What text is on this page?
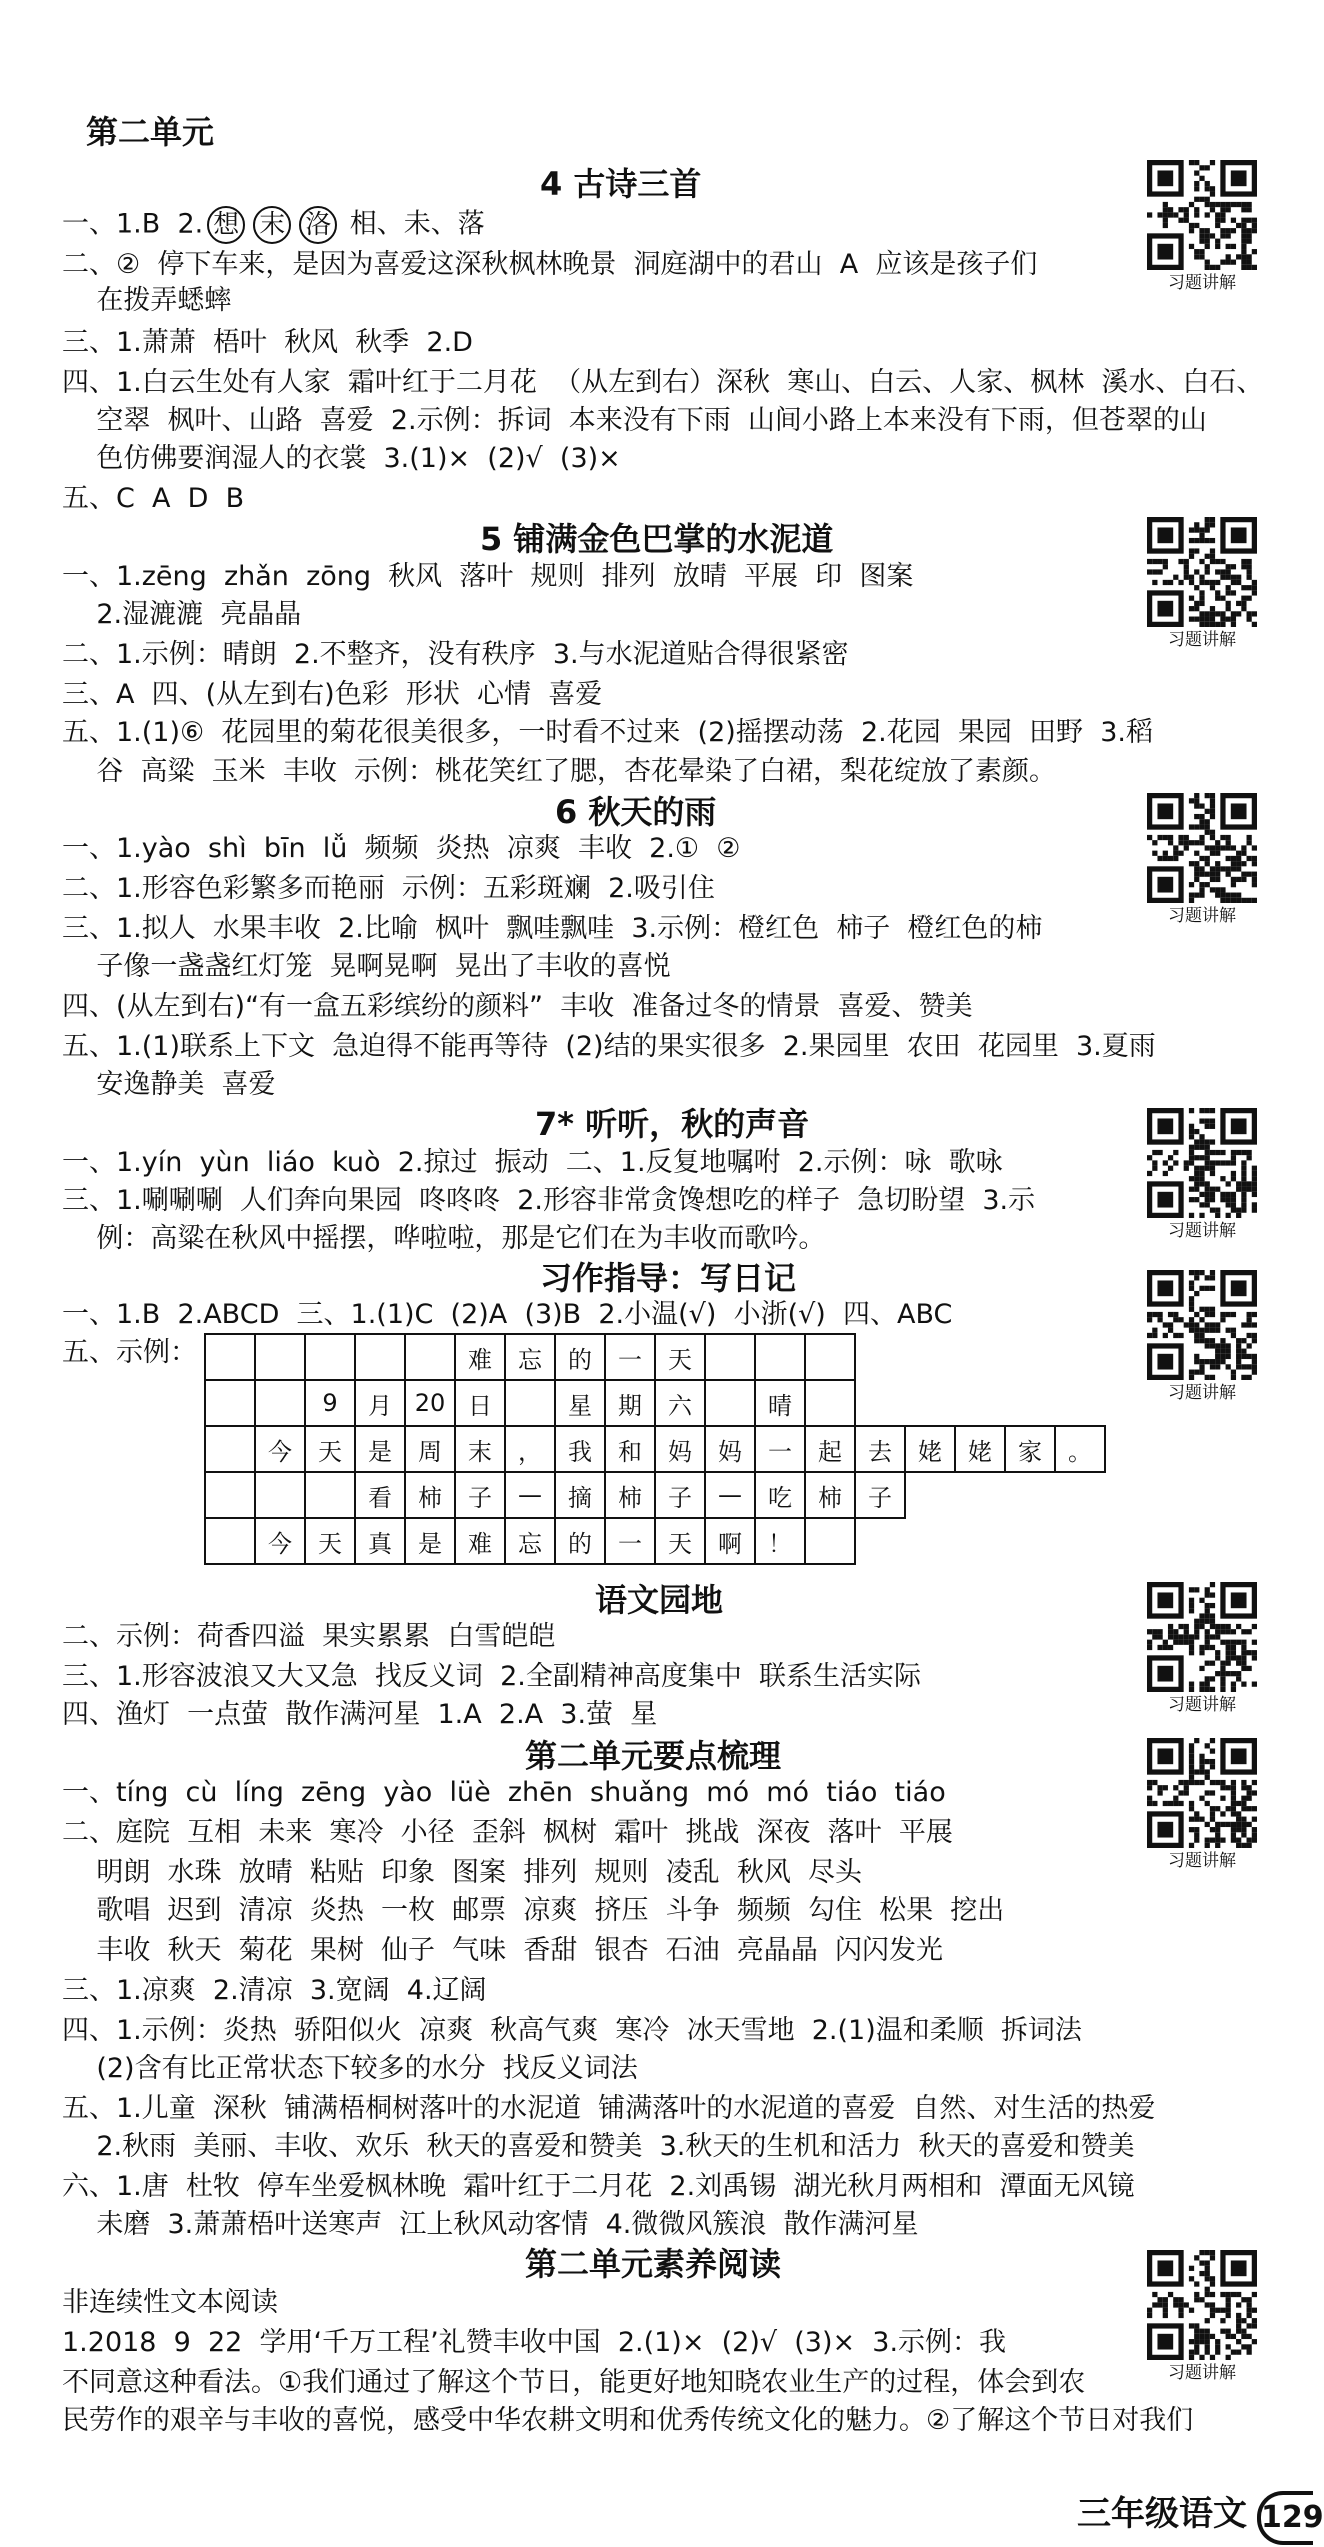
第二单元
4 古诗三首
一、1.B  2. 想 末 洛 相、未、落
二、②  停下车来，是因为喜爱这深秋枫林晚景  洞庭湖中的君山  A  应该是孩子们
在拨弄蟋蟀
三、1.萧萧  梧叶  秋风  秋季  2.D
四、1.白云生处有人家  霜叶红于二月花  （从左到右）深秋  寒山、白云、人家、枫林  溪水、白石、
空翠  枫叶、山路  喜爱  2.示例：拆词  本来没有下雨  山间小路上本来没有下雨，但苍翠的山
色仿佛要润湿人的衣裳  3.(1)×  (2)√  (3)×
五、C  A  D  B
5 铺满金色巴掌的水泥道
一、1.zēng  zhǎn  zōng  秋风  落叶  规则  排列  放晴  平展  印  图案
2.湿漉漉  亮晶晶
二、1.示例：晴朗  2.不整齐，没有秩序  3.与水泥道贴合得很紧密
三、A  四、(从左到右)色彩  形状  心情  喜爱
五、1.(1)⑥  花园里的菊花很美很多，一时看不过来  (2)摇摆动荡  2.花园  果园  田野  3.稻
谷  高粱  玉米  丰收  示例：桃花笑红了腮，杏花晕染了白裙，梨花绽放了素颜。
6 秋天的雨
一、1.yào  shì  bīn  lǚ  频频  炎热  凉爽  丰收  2.①  ②
二、1.形容色彩繁多而艳丽  示例：五彩斑斓  2.吸引住
三、1.拟人  水果丰收  2.比喻  枫叶  飘哇飘哇  3.示例：橙红色  柿子  橙红色的柿
子像一盏盏红灯笼  晃啊晃啊  晃出了丰收的喜悦
四、(从左到右)“有一盒五彩缤纷的颜料”  丰收  准备过冬的情景  喜爱、赞美
五、1.(1)联系上下文  急迫得不能再等待  (2)结的果实很多  2.果园里  农田  花园里  3.夏雨
安逸静美  喜爱
7* 听听，秋的声音
一、1.yín  yùn  liáo  kuò  2.掠过  振动  二、1.反复地嘱咐  2.示例：咏  歌咏
三、1.唰唰唰  人们奔向果园  咚咚咚  2.形容非常贪馋想吃的样子  急切盼望  3.示
例：高粱在秋风中摇摆，哗啦啦，那是它们在为丰收而歌吟。
习作指导：写日记
一、1.B  2.ABCD  三、1.(1)C  (2)A  (3)B  2.小温(√)  小浙(√)  四、ABC
五、示例：
						难	忘	的	一	天								
		9	月	20	日		星	期	六		晴						
	今	天	是	周	末	，	我	和	妈	妈	一	起	去	姥	姥	家	。
			看	柿	子	—	摘	柿	子	—	吃	柿	子				
	今	天	真	是	难	忘	的	一	天	啊	！						
语文园地
二、示例：荷香四溢  果实累累  白雪皑皑
三、1.形容波浪又大又急  找反义词  2.全副精神高度集中  联系生活实际
四、渔灯  一点萤  散作满河星  1.A  2.A  3.萤  星
第二单元要点梳理
一、tíng  cù  líng  zēng  yào  lüè  zhēn  shuǎng  mó  mó  tiáo  tiáo
二、庭院  互相  未来  寒冷  小径  歪斜  枫树  霜叶  挑战  深夜  落叶  平展
明朗  水珠  放晴  粘贴  印象  图案  排列  规则  凌乱  秋风  尽头
歌唱  迟到  清凉  炎热  一枚  邮票  凉爽  挤压  斗争  频频  勾住  松果  挖出
丰收  秋天  菊花  果树  仙子  气味  香甜  银杏  石油  亮晶晶  闪闪发光
三、1.凉爽  2.清凉  3.宽阔  4.辽阔
四、1.示例：炎热  骄阳似火  凉爽  秋高气爽  寒冷  冰天雪地  2.(1)温和柔顺  拆词法
(2)含有比正常状态下较多的水分  找反义词法
五、1.儿童  深秋  铺满梧桐树落叶的水泥道  铺满落叶的水泥道的喜爱  自然、对生活的热爱
2.秋雨  美丽、丰收、欢乐  秋天的喜爱和赞美  3.秋天的生机和活力  秋天的喜爱和赞美
六、1.唐  杜牧  停车坐爱枫林晚  霜叶红于二月花  2.刘禹锡  湖光秋月两相和  潭面无风镜
未磨  3.萧萧梧叶送寒声  江上秋风动客情  4.微微风簇浪  散作满河星
第二单元素养阅读
非连续性文本阅读
1.2018  9  22  学用‘千万工程’礼赞丰收中国  2.(1)×  (2)√  (3)×  3.示例：我
不同意这种看法。①我们通过了解这个节日，能更好地知晓农业生产的过程，体会到农
民劳作的艰辛与丰收的喜悦，感受中华农耕文明和优秀传统文化的魅力。②了解这个节日对我们
习题讲解
习题讲解
习题讲解
习题讲解
习题讲解
习题讲解
习题讲解
习题讲解
三年级语文 129
